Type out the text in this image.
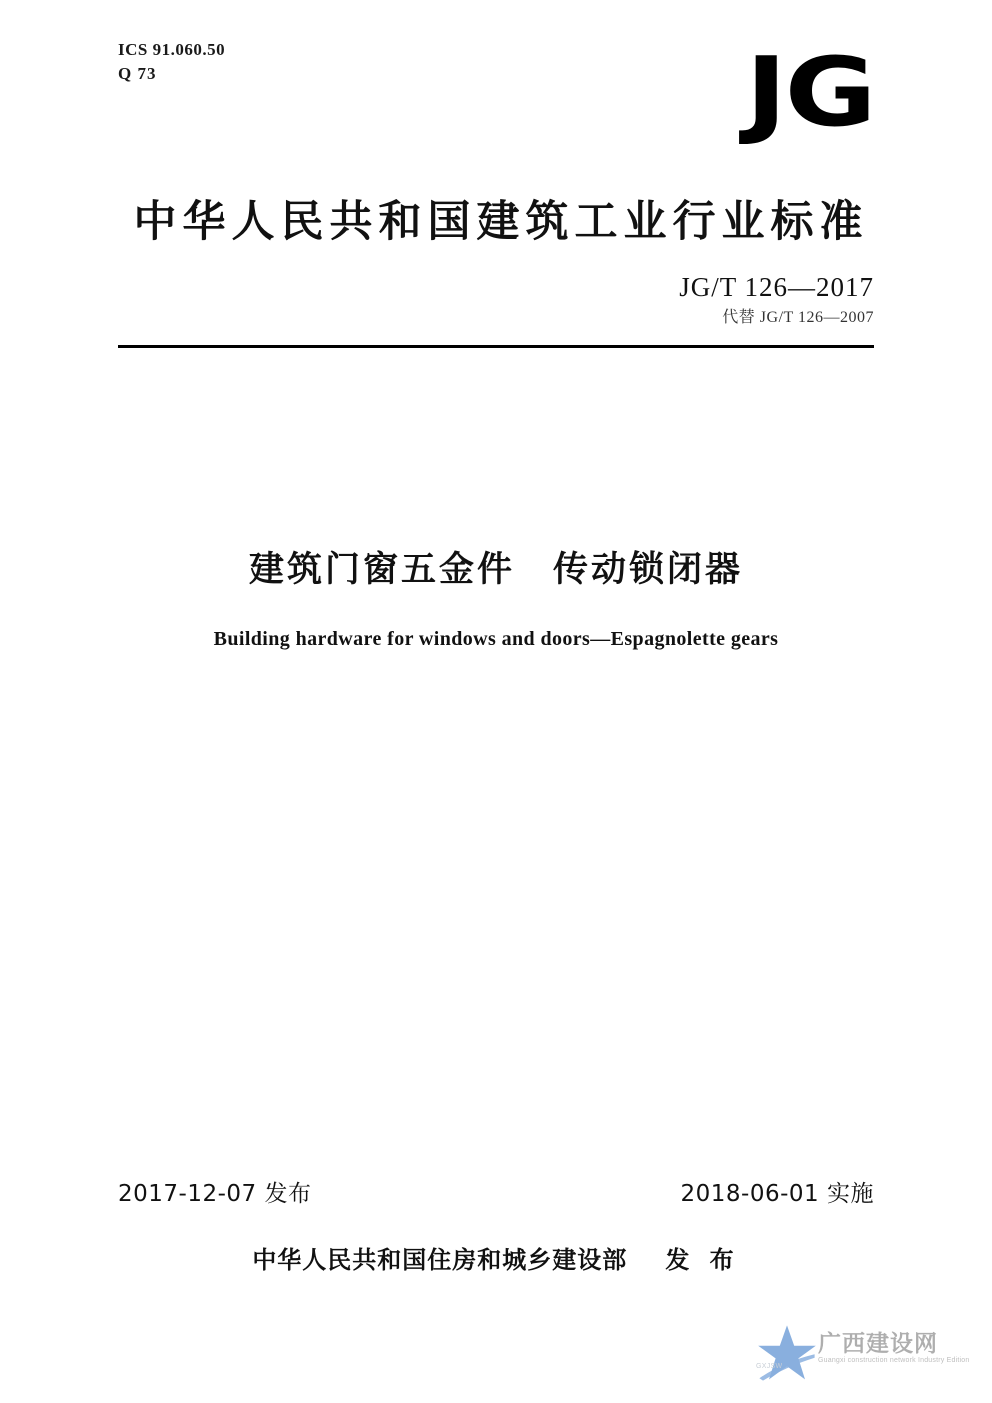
ICS 91.060.50
Q 73	JG
中华人民共和国建筑工业行业标准
JG/T 126—2017
代替 JG/T 126—2007
建筑门窗五金件　传动锁闭器
Building hardware for windows and doors—Espagnolette gears
2017-12-07 发布	2018-06-01 实施
中华人民共和国住房和城乡建设部 发 布
广西建设网
Guangxi construction network Industry Edition
GXJSW
